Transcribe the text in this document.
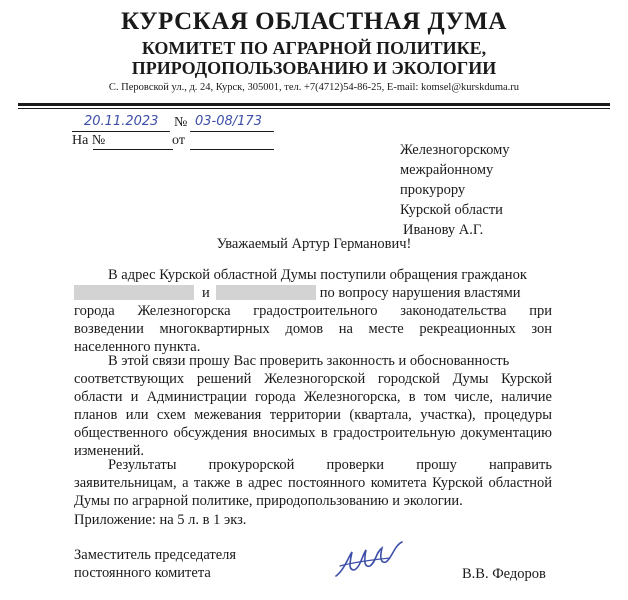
КУРСКАЯ ОБЛАСТНАЯ ДУМА
КОМИТЕТ ПО АГРАРНОЙ ПОЛИТИКЕ,
ПРИРОДОПОЛЬЗОВАНИЮ И ЭКОЛОГИИ
С. Перовской ул., д. 24, Курск, 305001, тел. +7(4712)54-86-25, E-mail: komsel@kurskduma.ru
20.11.2023 № 03-08/173
На №	от
Железногорскому
межрайонному
прокурору
Курской области
Иванову А.Г.
Уважаемый Артур Германович!
В адрес Курской областной Думы поступили обращения гражданок
и	по вопросу нарушения властями
города Железногорска градостроительного законодательства при
возведении многоквартирных домов на месте рекреационных зон
населенного пункта.
В этой связи прошу Вас проверить законность и обоснованность
соответствующих решений Железногорской городской Думы Курской
области и Администрации города Железногорска, в том числе, наличие
планов или схем межевания территории (квартала, участка), процедуры
общественного обсуждения вносимых в градостроительную документацию
изменений.
Результаты прокурорской проверки прошу направить
заявительницам, а также в адрес постоянного комитета Курской областной
Думы по аграрной политике, природопользованию и экологии.
Приложение: на 5 л. в 1 экз.
Заместитель председателя
постоянного комитета	В.В. Федоров
